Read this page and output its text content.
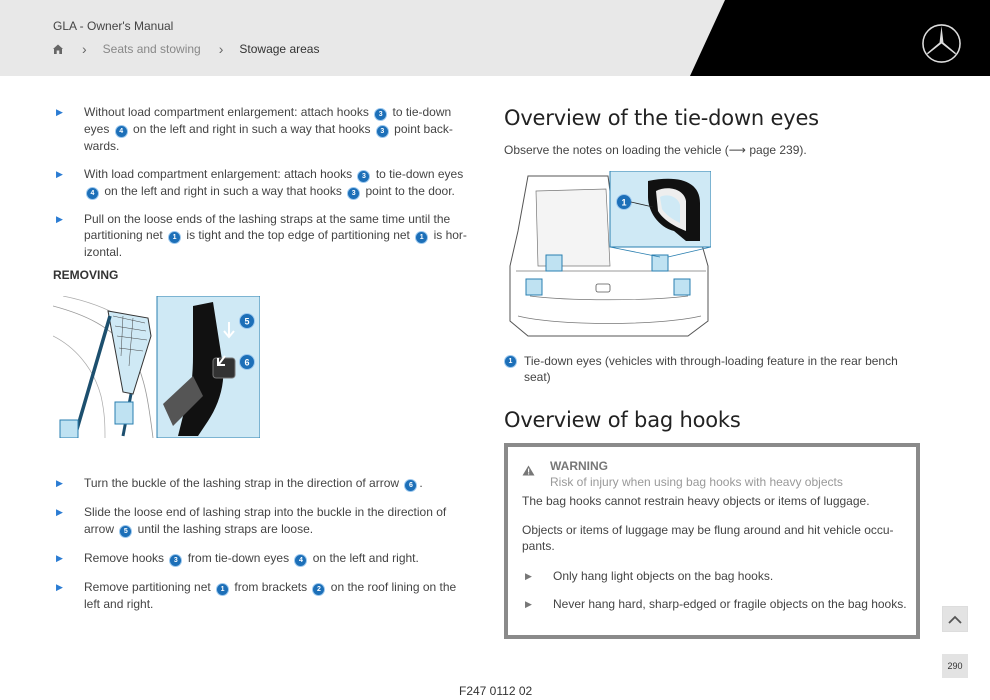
GLA - Owner's Manual
› Seats and stowing › Stowage areas
▶ Without load compartment enlargement: attach hooks 3 to tie-down eyes 4 on the left and right in such a way that hooks 3 point back-wards.
▶ With load compartment enlargement: attach hooks 3 to tie-down eyes 4 on the left and right in such a way that hooks 3 point to the door.
▶ Pull on the loose ends of the lashing straps at the same time until the partitioning net 1 is tight and the top edge of partitioning net 1 is hor-izontal.
REMOVING
5
6
▶ Turn the buckle of the lashing strap in the direction of arrow 6 .
▶ Slide the loose end of lashing strap into the buckle in the direction of arrow 5 until the lashing straps are loose.
▶ Remove hooks 3 from tie-down eyes 4 on the left and right.
▶ Remove partitioning net 1 from brackets 2 on the roof lining on the left and right.
Overview of the tie-down eyes
Observe the notes on loading the vehicle (⟶ page 239).
1
1 Tie-down eyes (vehicles with through-loading feature in the rear bench seat)
Overview of bag hooks
WARNING
Risk of injury when using bag hooks with heavy objects
The bag hooks cannot restrain heavy objects or items of luggage.
Objects or items of luggage may be flung around and hit vehicle occu-pants.
▶ Only hang light objects on the bag hooks.
▶ Never hang hard, sharp-edged or fragile objects on the bag hooks.
290
F247 0112 02
